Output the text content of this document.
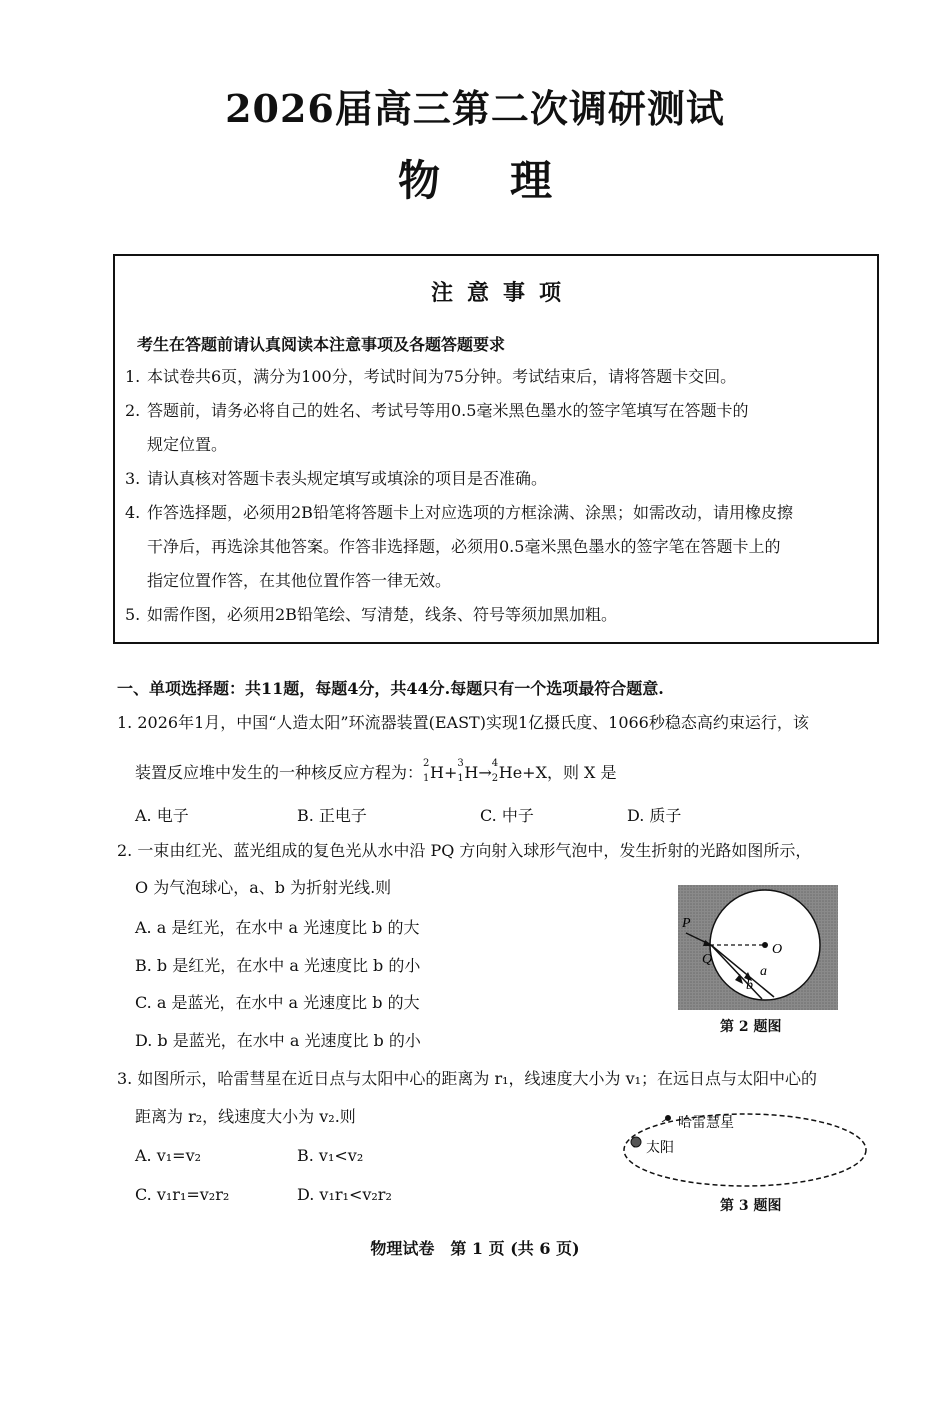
2026届高三第二次调研测试
物理
注意事项
考生在答题前请认真阅读本注意事项及各题答题要求
1. 本试卷共6页，满分为100分，考试时间为75分钟。考试结束后，请将答题卡交回。
2. 答题前，请务必将自己的姓名、考试号等用0.5毫米黑色墨水的签字笔填写在答题卡的
规定位置。
3. 请认真核对答题卡表头规定填写或填涂的项目是否准确。
4. 作答选择题，必须用2B铅笔将答题卡上对应选项的方框涂满、涂黑；如需改动，请用橡皮擦
干净后，再选涂其他答案。作答非选择题，必须用0.5毫米黑色墨水的签字笔在答题卡上的
指定位置作答，在其他位置作答一律无效。
5. 如需作图，必须用2B铅笔绘、写清楚，线条、符号等须加黑加粗。
一、单项选择题：共11题，每题4分，共44分.每题只有一个选项最符合题意.
1. 2026年1月，中国“人造太阳”环流器装置(EAST)实现1亿摄氏度、1066秒稳态高约束运行，该
装置反应堆中发生的一种核反应方程为： 2
1 H+ 3
1 H→ 4
2 He+X，则 X 是
A. 电子	B. 正电子	C. 中子	D. 质子
2. 一束由红光、蓝光组成的复色光从水中沿 PQ 方向射入球形气泡中，发生折射的光路如图所示，
O 为气泡球心，a、b 为折射光线.则
A. a 是红光，在水中 a 光速度比 b 的大
B. b 是红光，在水中 a 光速度比 b 的小
C. a 是蓝光，在水中 a 光速度比 b 的大
D. b 是蓝光，在水中 a 光速度比 b 的小
P
Q
O
a
b
第 2 题图
3. 如图所示，哈雷彗星在近日点与太阳中心的距离为 r₁，线速度大小为 v₁；在远日点与太阳中心的
距离为 r₂，线速度大小为 v₂.则
A. v₁=v₂	B. v₁<v₂
C. v₁r₁=v₂r₂	D. v₁r₁<v₂r₂
· 太阳
哈雷慧星
第 3 题图
物理试卷　第 1 页 (共 6 页)
